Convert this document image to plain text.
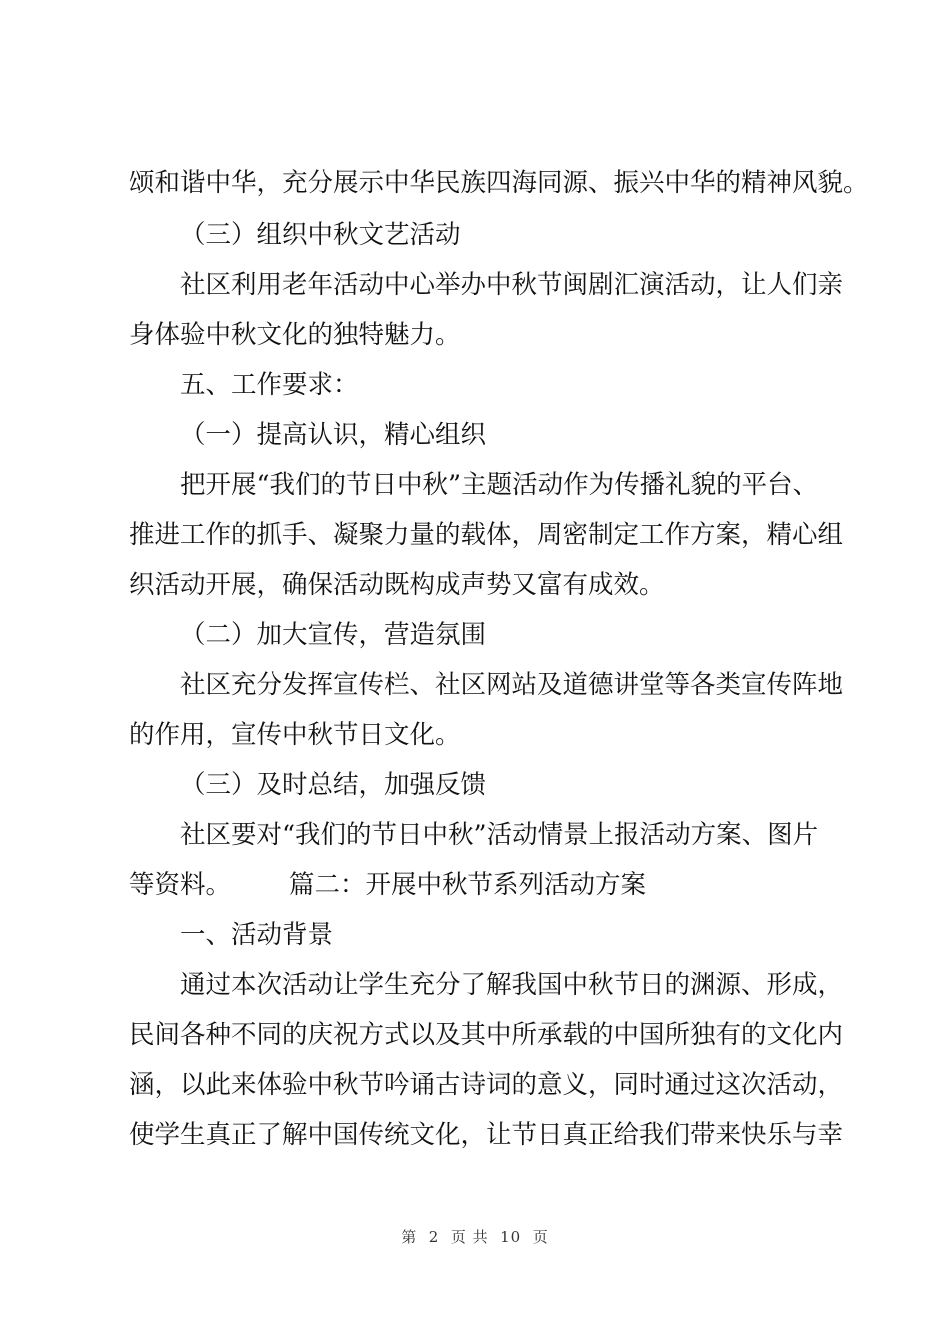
颂和谐中华，充分展示中华民族四海同源、振兴中华的精神风貌。
（三）组织中秋文艺活动
社区利用老年活动中心举办中秋节闽剧汇演活动，让人们亲
身体验中秋文化的独特魅力。
五、工作要求：
（一）提高认识，精心组织
把开展“我们的节日中秋”主题活动作为传播礼貌的平台、
推进工作的抓手、凝聚力量的载体，周密制定工作方案，精心组
织活动开展，确保活动既构成声势又富有成效。
（二）加大宣传，营造氛围
社区充分发挥宣传栏、社区网站及道德讲堂等各类宣传阵地
的作用，宣传中秋节日文化。
（三）及时总结，加强反馈
社区要对“我们的节日中秋”活动情景上报活动方案、图片
等资料。 篇二：开展中秋节系列活动方案
一、活动背景
通过本次活动让学生充分了解我国中秋节日的渊源、形成，
民间各种不同的庆祝方式以及其中所承载的中国所独有的文化内
涵，以此来体验中秋节吟诵古诗词的意义，同时通过这次活动，
使学生真正了解中国传统文化，让节日真正给我们带来快乐与幸
第  2  页 共  10  页
